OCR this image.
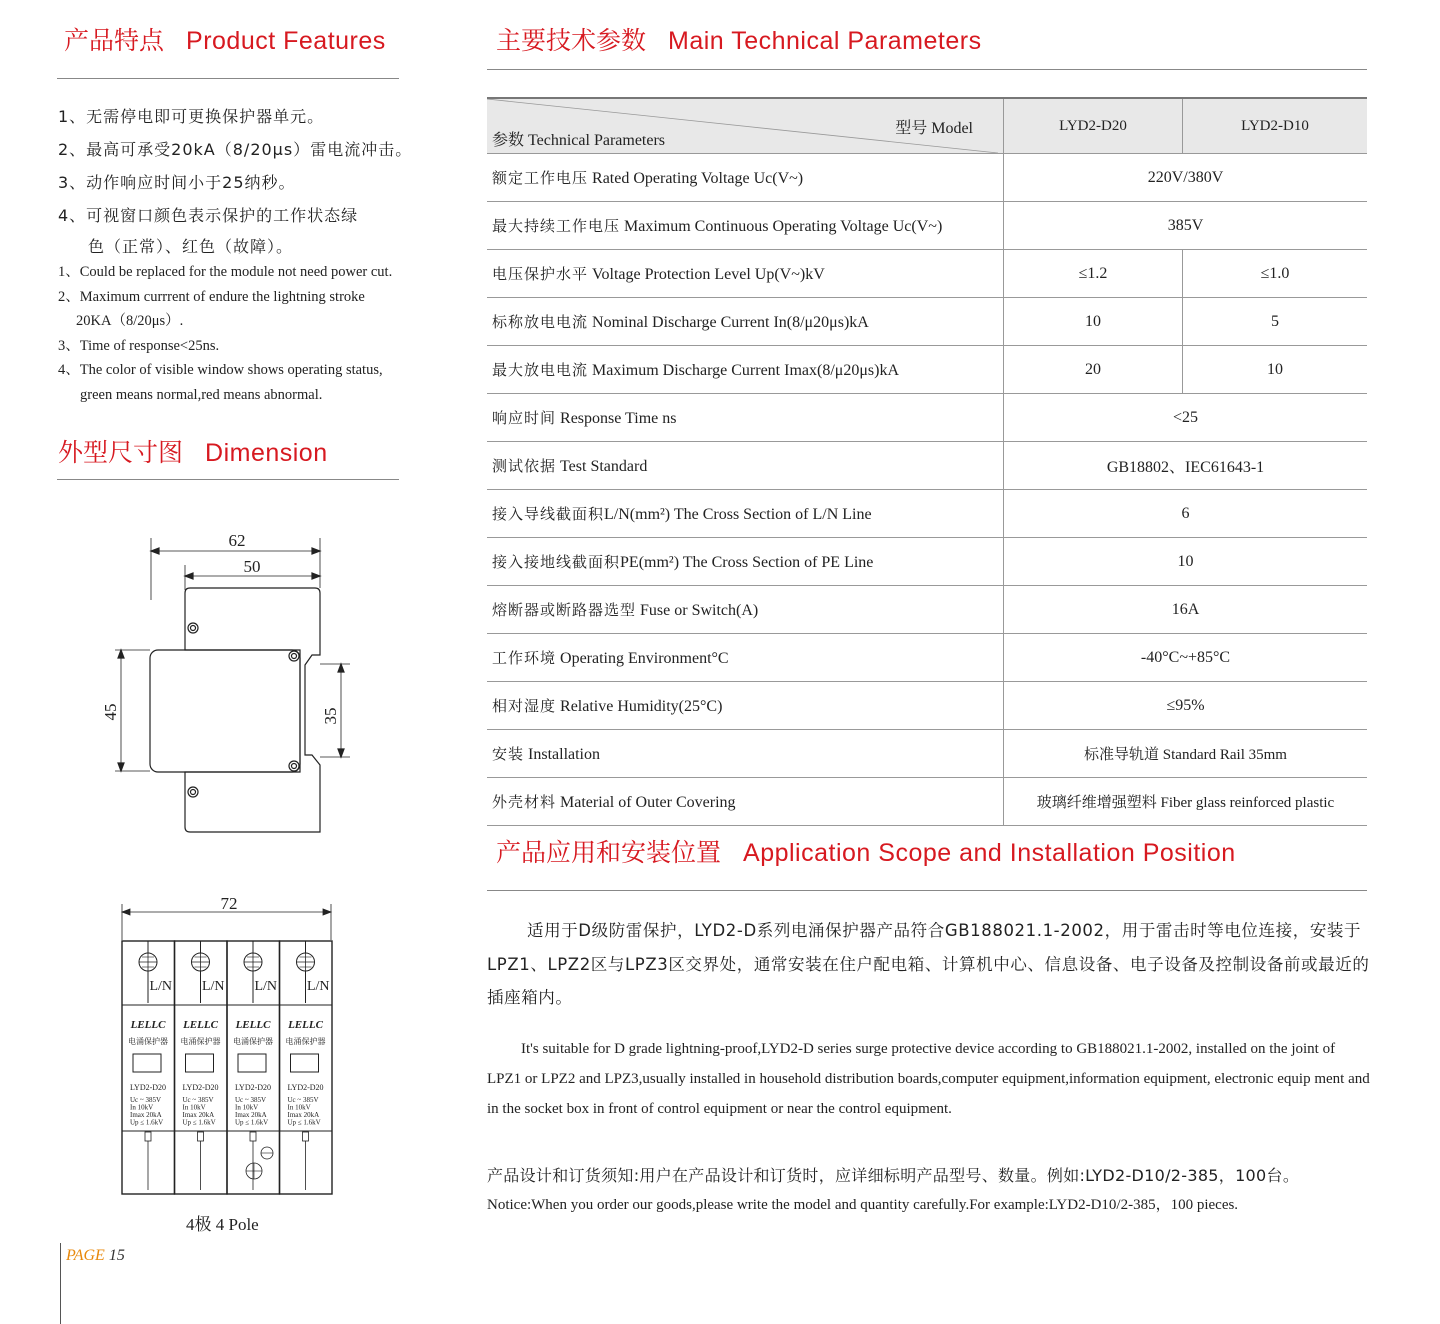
产品特点 Product Features
1、无需停电即可更换保护器单元。
2、最高可承受20kA（8/20μs）雷电流冲击。
3、动作响应时间小于25纳秒。
4、可视窗口颜色表示保护的工作状态绿
色（正常）、红色（故障）。
1、Could be replaced for the module not need power cut.
2、Maximum currrent of endure the lightning stroke
20KA（8/20μs）.
3、Time of response<25ns.
4、The color of visible window shows operating status,
green means normal,red means abnormal.
外型尺寸图 Dimension
62
50
45	35
72
L/N
LELLC
电涌保护器
LYD2-D20
Uc ~ 385V
In 10kV
Imax 20kA
Up ≤ 1.6kV
L/N
LELLC
电涌保护器
LYD2-D20
Uc ~ 385V
In 10kV
Imax 20kA
Up ≤ 1.6kV
L/N
LELLC
电涌保护器
LYD2-D20
Uc ~ 385V
In 10kV
Imax 20kA
Up ≤ 1.6kV
L/N
LELLC
电涌保护器
LYD2-D20
Uc ~ 385V
In 10kV
Imax 20kA
Up ≤ 1.6kV
4极 4 Pole
主要技术参数 Main Technical Parameters
型号 Model
参数 Technical Parameters	LYD2-D20	LYD2-D10
额定工作电压 Rated Operating Voltage Uc(V~)	220V/380V	
最大持续工作电压 Maximum Continuous Operating Voltage Uc(V~)	385V	
电压保护水平 Voltage Protection Level Up(V~)kV	≤1.2	≤1.0
标称放电电流 Nominal Discharge Current In(8/μ20μs)kA	10	5
最大放电电流 Maximum Discharge Current Imax(8/μ20μs)kA	20	10
响应时间 Response Time ns	<25	
测试依据 Test Standard	GB18802、IEC61643-1	
接入导线截面积L/N(mm²) The Cross Section of L/N Line	6	
接入接地线截面积PE(mm²) The Cross Section of PE Line	10	
熔断器或断路器选型 Fuse or Switch(A)	16A	
工作环境 Operating Environment°C	-40°C~+85°C	
相对湿度 Relative Humidity(25°C)	≤95%	
安装 Installation	标准导轨道 Standard Rail 35mm	
外壳材料 Material of Outer Covering	玻璃纤维增强塑料 Fiber glass reinforced plastic	
产品应用和安装位置 Application Scope and Installation Position
适用于D级防雷保护，LYD2-D系列电涌保护器产品符合GB188021.1-2002，用于雷击时等电位连接，安装于LPZ1、LPZ2区与LPZ3区交界处，通常安装在住户配电箱、计算机中心、信息设备、电子设备及控制设备前或最近的插座箱内。
It's suitable for D grade lightning-proof,LYD2-D series surge protective device according to GB188021.1-2002, installed on the joint of LPZ1 or LPZ2 and LPZ3,usually installed in household distribution boards,computer equipment,information equipment, electronic equip ment and in the socket box in front of control equipment or near the control equipment.
产品设计和订货须知:用户在产品设计和订货时，应详细标明产品型号、数量。例如:LYD2-D10/2-385，100台。
Notice:When you order our goods,please write the model and quantity carefully.For example:LYD2-D10/2-385，100 pieces.
PAGE 15
